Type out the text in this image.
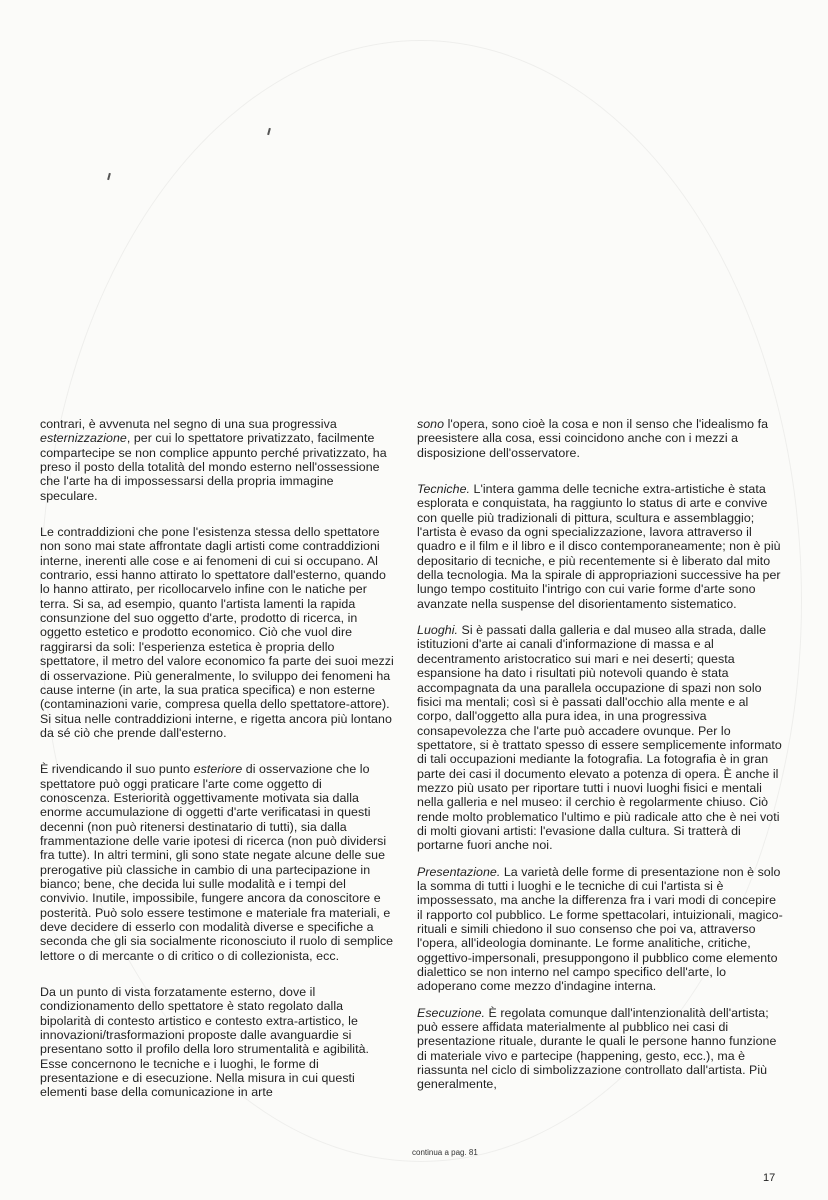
contrari, è avvenuta nel segno di una sua progressiva esternizzazione, per cui lo spettatore privatizzato, facilmente compartecipe se non complice appunto perché privatizzato, ha preso il posto della totalità del mondo esterno nell'ossessione che l'arte ha di impossessarsi della propria immagine speculare.

Le contraddizioni che pone l'esistenza stessa dello spettatore non sono mai state affrontate dagli artisti come contraddizioni interne, inerenti alle cose e ai fenomeni di cui si occupano. Al contrario, essi hanno attirato lo spettatore dall'esterno, quando lo hanno attirato, per ricollocarvelo infine con le natiche per terra. Si sa, ad esempio, quanto l'artista lamenti la rapida consunzione del suo oggetto d'arte, prodotto di ricerca, in oggetto estetico e prodotto economico. Ciò che vuol dire raggirarsi da soli: l'esperienza estetica è propria dello spettatore, il metro del valore economico fa parte dei suoi mezzi di osservazione. Più generalmente, lo sviluppo dei fenomeni ha cause interne (in arte, la sua pratica specifica) e non esterne (contaminazioni varie, compresa quella dello spettatore-attore). Si situa nelle contraddizioni interne, e rigetta ancora più lontano da sé ciò che prende dall'esterno.

È rivendicando il suo punto esteriore di osservazione che lo spettatore può oggi praticare l'arte come oggetto di conoscenza. Esteriorità oggettivamente motivata sia dalla enorme accumulazione di oggetti d'arte verificatasi in questi decenni (non può ritenersi destinatario di tutti), sia dalla frammentazione delle varie ipotesi di ricerca (non può dividersi fra tutte). In altri termini, gli sono state negate alcune delle sue prerogative più classiche in cambio di una partecipazione in bianco; bene, che decida lui sulle modalità e i tempi del convivio. Inutile, impossibile, fungere ancora da conoscitore e posterità. Può solo essere testimone e materiale fra materiali, e deve decidere di esserlo con modalità diverse e specifiche a seconda che gli sia socialmente riconosciuto il ruolo di semplice lettore o di mercante o di critico o di collezionista, ecc.

Da un punto di vista forzatamente esterno, dove il condizionamento dello spettatore è stato regolato dalla bipolarità di contesto artistico e contesto extra-artistico, le innovazioni/trasformazioni proposte dalle avanguardie si presentano sotto il profilo della loro strumentalità e agibilità. Esse concernono le tecniche e i luoghi, le forme di presentazione e di esecuzione. Nella misura in cui questi elementi base della comunicazione in arte

sono l'opera, sono cioè la cosa e non il senso che l'idealismo fa preesistere alla cosa, essi coincidono anche con i mezzi a disposizione dell'osservatore.

Tecniche. L'intera gamma delle tecniche extra-artistiche è stata esplorata e conquistata, ha raggiunto lo status di arte e convive con quelle più tradizionali di pittura, scultura e assemblaggio; l'artista è evaso da ogni specializzazione, lavora attraverso il quadro e il film e il libro e il disco contemporaneamente; non è più depositario di tecniche, e più recentemente si è liberato dal mito della tecnologia. Ma la spirale di appropriazioni successive ha per lungo tempo costituito l'intrigo con cui varie forme d'arte sono avanzate nella suspense del disorientamento sistematico.

Luoghi. Si è passati dalla galleria e dal museo alla strada, dalle istituzioni d'arte ai canali d'informazione di massa e al decentramento aristocratico sui mari e nei deserti; questa espansione ha dato i risultati più notevoli quando è stata accompagnata da una parallela occupazione di spazi non solo fisici ma mentali; così si è passati dall'occhio alla mente e al corpo, dall'oggetto alla pura idea, in una progressiva consapevolezza che l'arte può accadere ovunque. Per lo spettatore, si è trattato spesso di essere semplicemente informato di tali occupazioni mediante la fotografia. La fotografia è in gran parte dei casi il documento elevato a potenza di opera. È anche il mezzo più usato per riportare tutti i nuovi luoghi fisici e mentali nella galleria e nel museo: il cerchio è regolarmente chiuso. Ciò rende molto problematico l'ultimo e più radicale atto che è nei voti di molti giovani artisti: l'evasione dalla cultura. Si tratterà di portarne fuori anche noi.

Presentazione. La varietà delle forme di presentazione non è solo la somma di tutti i luoghi e le tecniche di cui l'artista si è impossessato, ma anche la differenza fra i vari modi di concepire il rapporto col pubblico. Le forme spettacolari, intuizionali, magico-rituali e simili chiedono il suo consenso che poi va, attraverso l'opera, all'ideologia dominante. Le forme analitiche, critiche, oggettivo-impersonali, presuppongono il pubblico come elemento dialettico se non interno nel campo specifico dell'arte, lo adoperano come mezzo d'indagine interna.

Esecuzione. È regolata comunque dall'intenzionalità dell'artista; può essere affidata materialmente al pubblico nei casi di presentazione rituale, durante le quali le persone hanno funzione di materiale vivo e partecipe (happening, gesto, ecc.), ma è riassunta nel ciclo di simbolizzazione controllato dall'artista. Più generalmente,

continua a pag. 81
17
